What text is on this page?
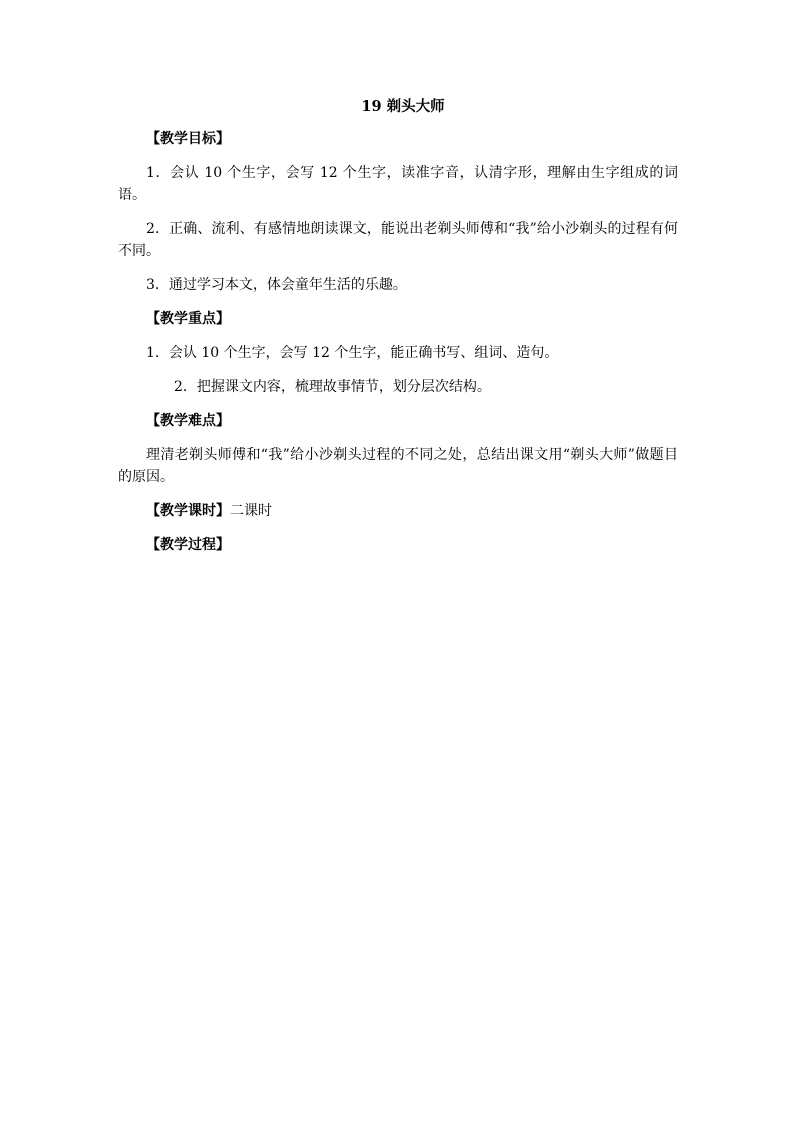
19 剃头大师
【教学目标】
1．会认 10 个生字，会写 12 个生字，读准字音，认清字形，理解由生字组成的词语。
2．正确、流利、有感情地朗读课文，能说出老剃头师傅和“我”给小沙剃头的过程有何不同。
3．通过学习本文，体会童年生活的乐趣。
【教学重点】
1．会认 10 个生字，会写 12 个生字，能正确书写、组词、造句。
2．把握课文内容，梳理故事情节，划分层次结构。
【教学难点】
理清老剃头师傅和“我”给小沙剃头过程的不同之处，总结出课文用“剃头大师”做题目的原因。
【教学课时】二课时
【教学过程】
